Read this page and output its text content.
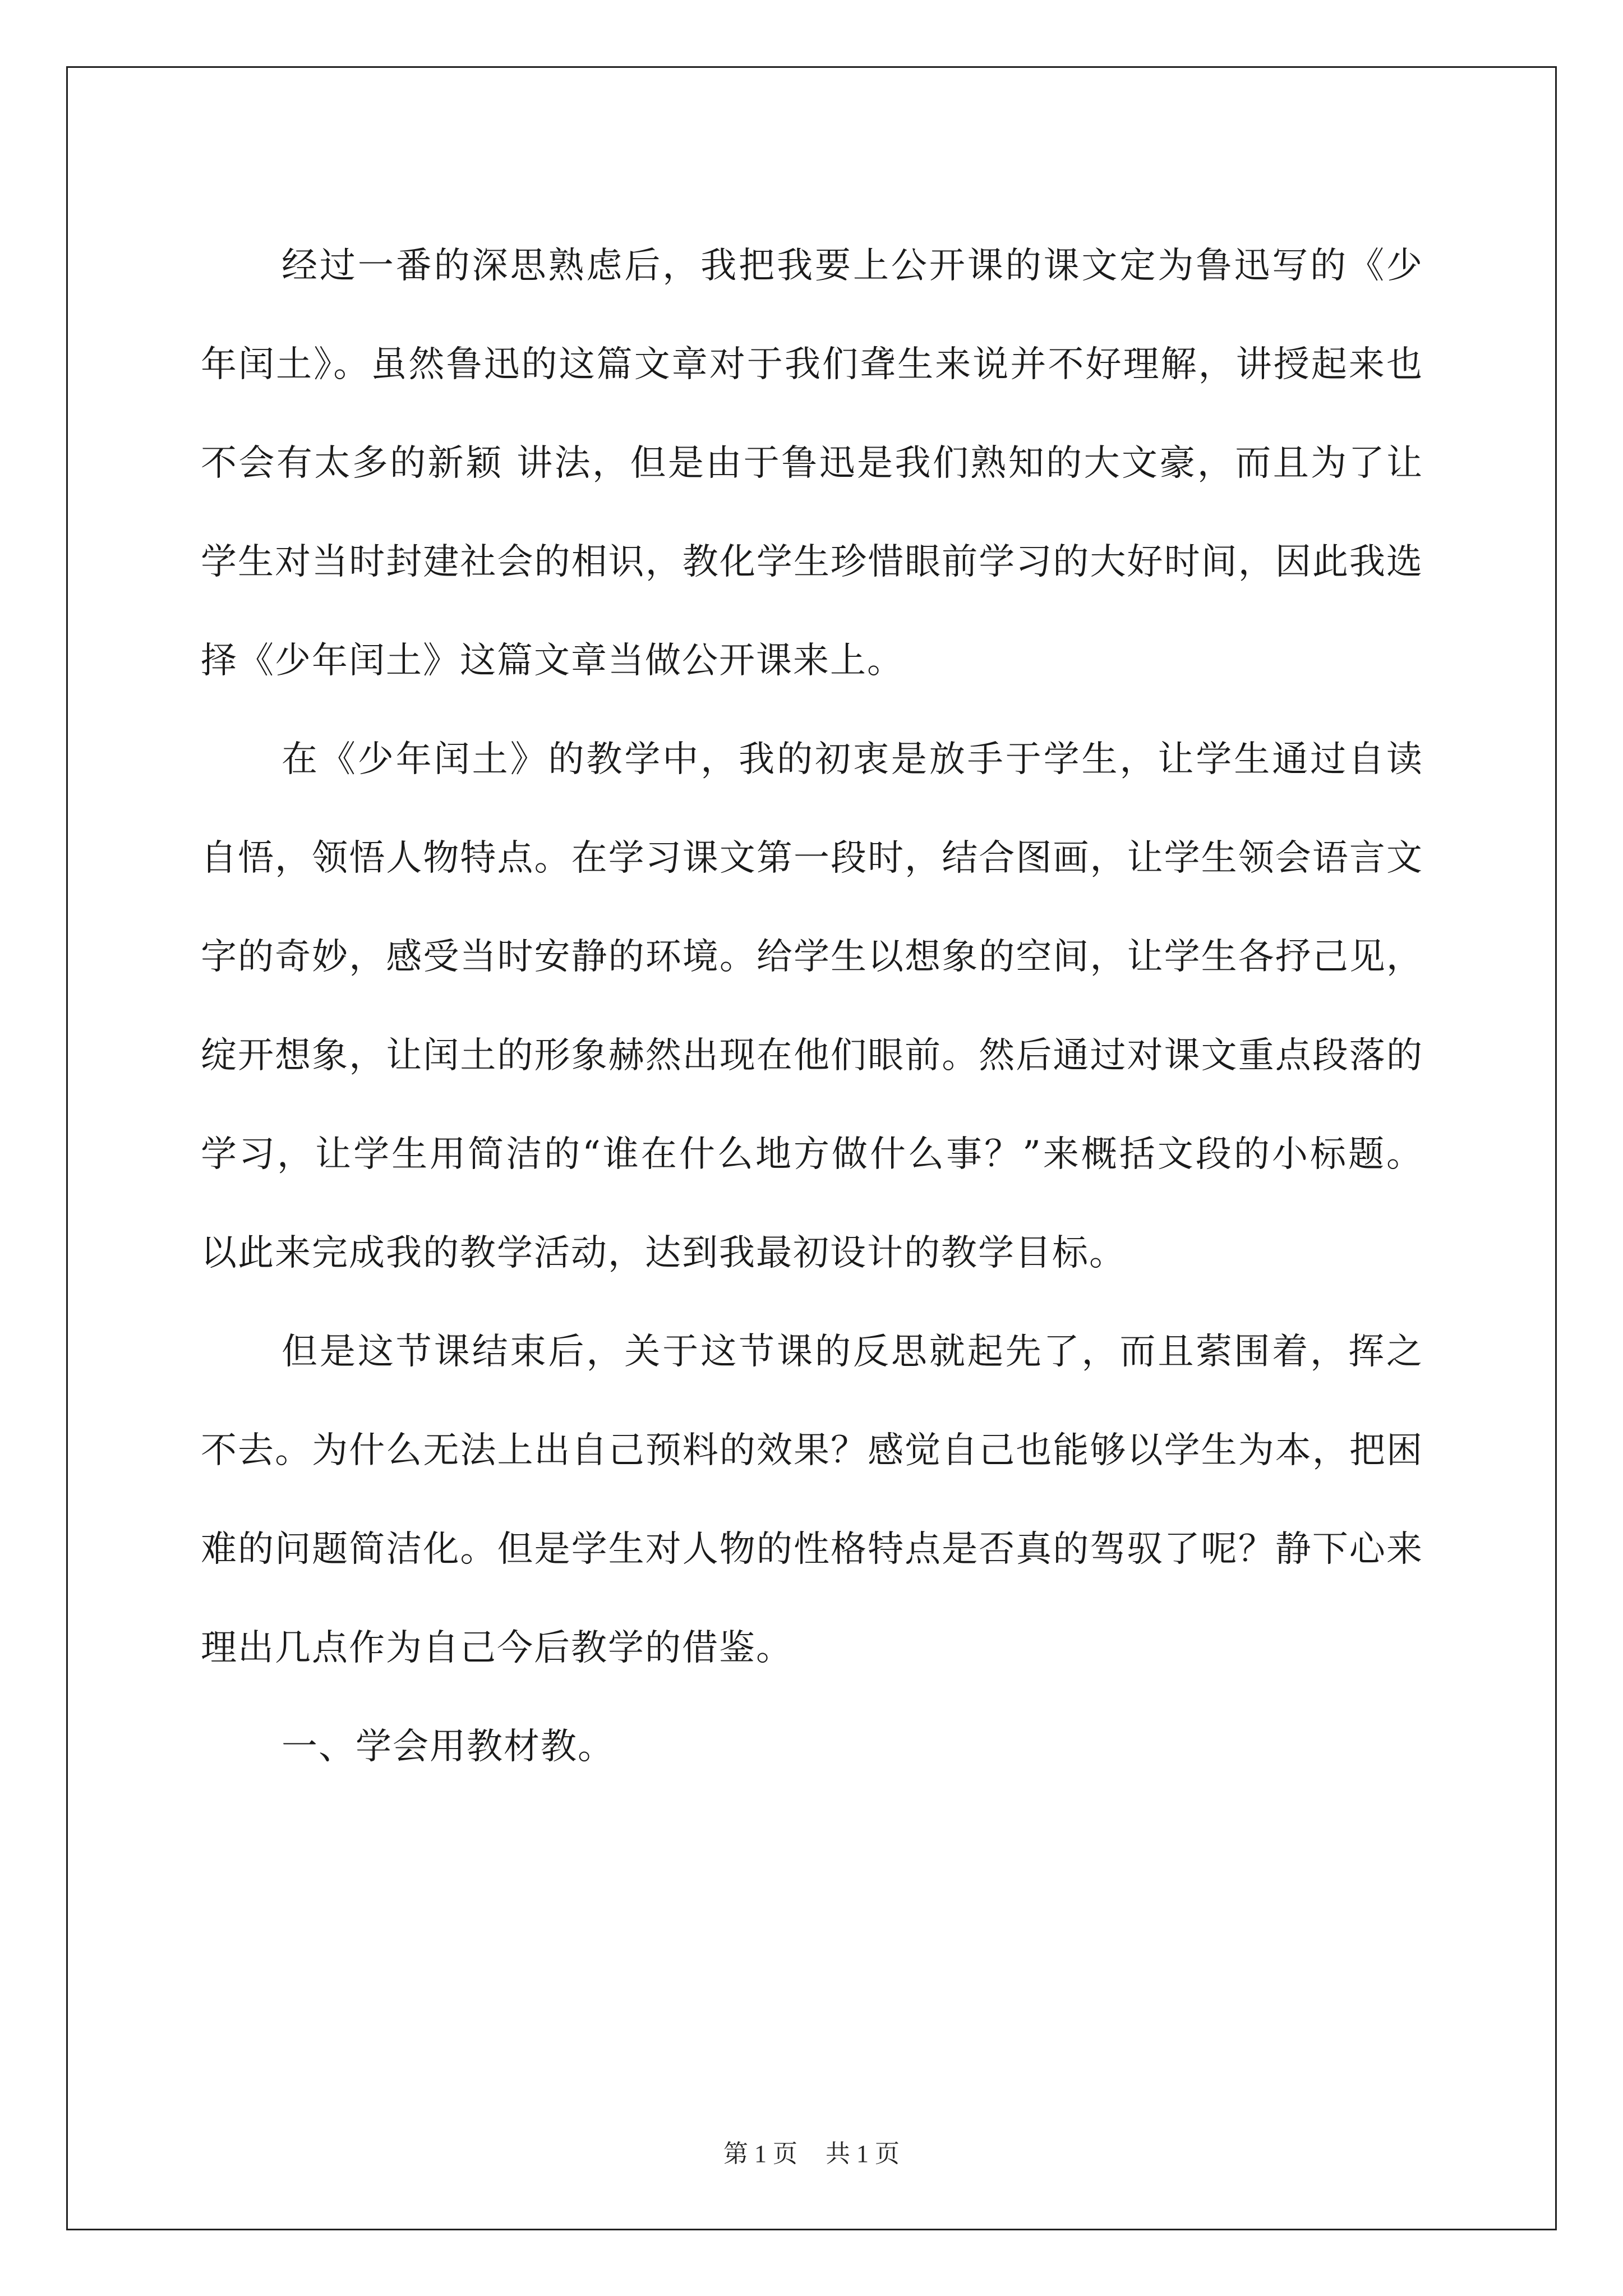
经过一番的深思熟虑后，我把我要上公开课的课文定为鲁迅写的《少年闰土》。虽然鲁迅的这篇文章对于我们聋生来说并不好理解，讲授起来也不会有太多的新颖 讲法，但是由于鲁迅是我们熟知的大文豪，而且为了让学生对当时封建社会的相识，教化学生珍惜眼前学习的大好时间，因此我选择《少年闰土》这篇文章当做公开课来上。

在《少年闰土》的教学中，我的初衷是放手于学生，让学生通过自读自悟，领悟人物特点。在学习课文第一段时，结合图画，让学生领会语言文字的奇妙，感受当时安静的环境。给学生以想象的空间，让学生各抒己见，绽开想象，让闰土的形象赫然出现在他们眼前。然后通过对课文重点段落的学习，让学生用简洁的“谁在什么地方做什么事？”来概括文段的小标题。以此来完成我的教学活动，达到我最初设计的教学目标。

但是这节课结束后，关于这节课的反思就起先了，而且萦围着，挥之不去。为什么无法上出自己预料的效果？感觉自己也能够以学生为本，把困难的问题简洁化。但是学生对人物的性格特点是否真的驾驭了呢？静下心来理出几点作为自己今后教学的借鉴。

一、学会用教材教。

第 1 页 共 1 页
